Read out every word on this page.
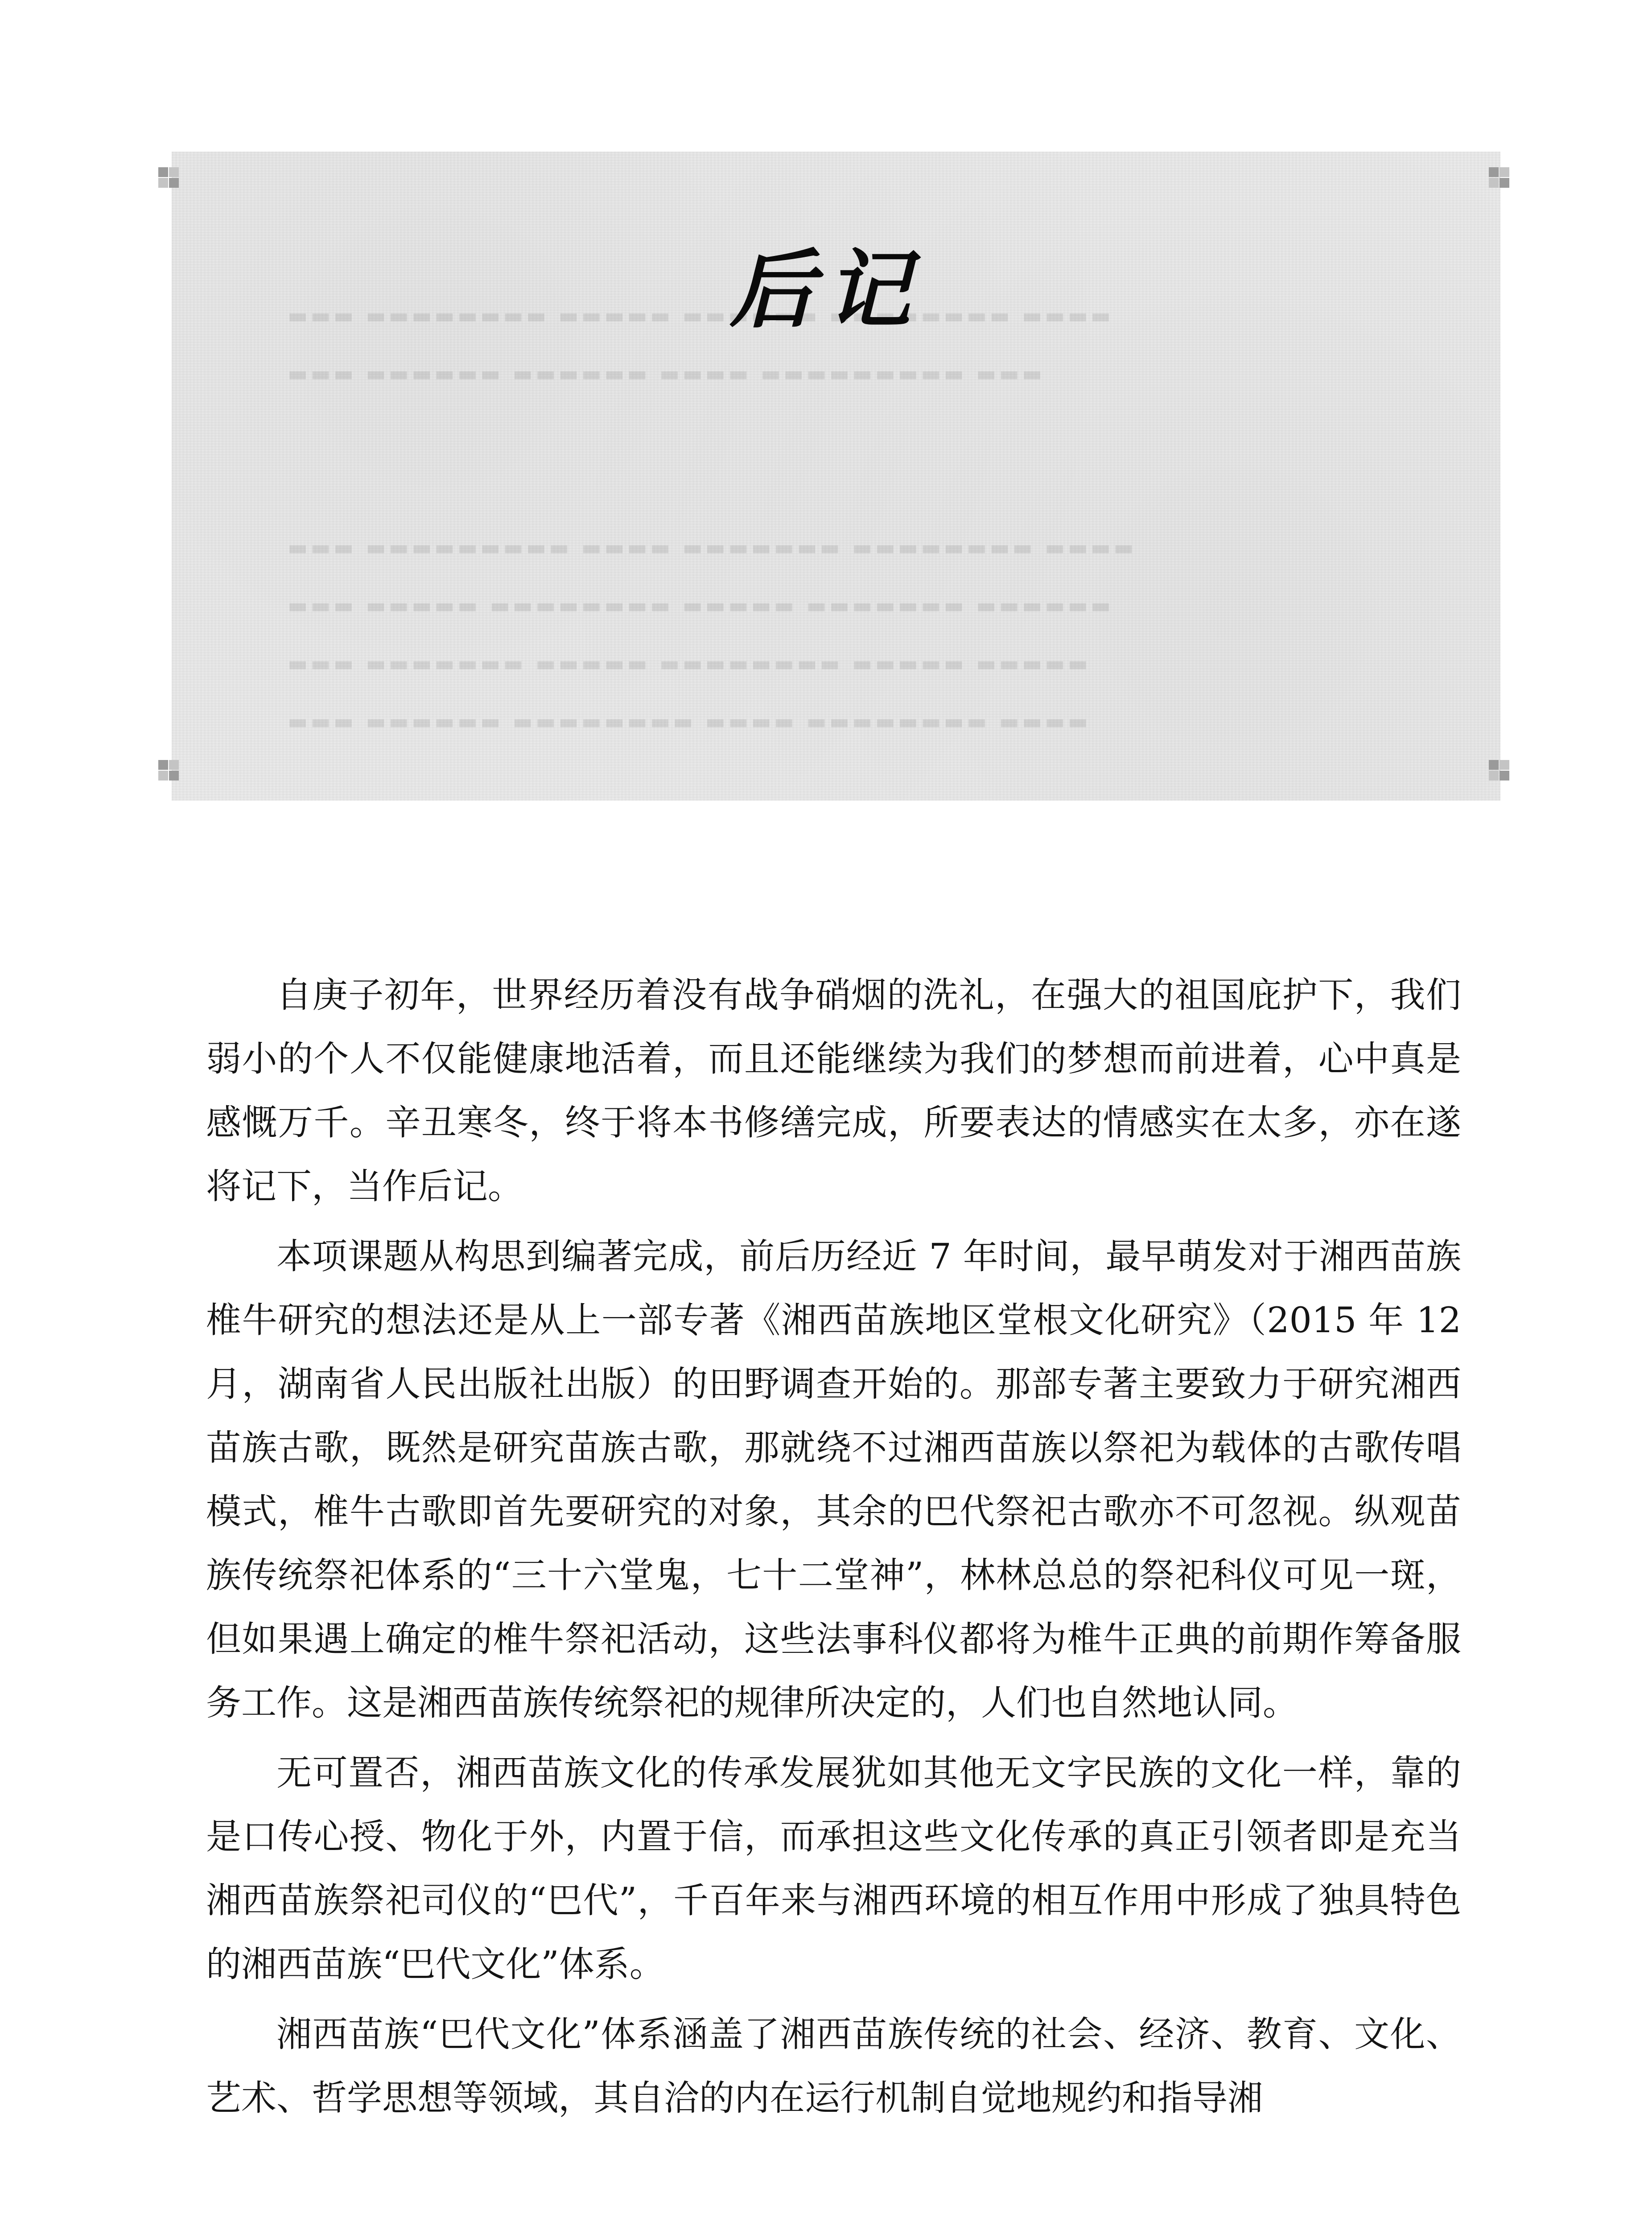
▬▬▬ ▬▬▬▬▬▬▬▬ ▬▬▬▬▬ ▬▬▬▬▬▬ ▬▬▬▬▬▬▬▬ ▬▬▬▬
▬▬▬ ▬▬▬▬▬▬ ▬▬▬▬▬▬ ▬▬▬▬ ▬▬▬▬▬▬▬▬▬ ▬▬▬
▬▬▬ ▬▬▬▬▬▬▬▬▬ ▬▬▬▬ ▬▬▬▬▬▬▬ ▬▬▬▬▬▬▬▬ ▬▬▬▬
▬▬▬ ▬▬▬▬▬ ▬▬▬▬▬▬▬▬ ▬▬▬▬▬ ▬▬▬▬▬▬▬ ▬▬▬▬▬▬
▬▬▬ ▬▬▬▬▬▬▬ ▬▬▬▬▬ ▬▬▬▬▬▬▬▬ ▬▬▬▬▬ ▬▬▬▬▬
▬▬▬ ▬▬▬▬▬▬ ▬▬▬▬▬▬▬▬ ▬▬▬▬ ▬▬▬▬▬▬▬▬ ▬▬▬▬
后记

自庚子初年，世界经历着没有战争硝烟的洗礼，在强大的祖国庇护下，我们弱小的个人不仅能健康地活着，而且还能继续为我们的梦想而前进着，心中真是感慨万千。辛丑寒冬，终于将本书修缮完成，所要表达的情感实在太多，亦在遂将记下，当作后记。

本项课题从构思到编著完成，前后历经近 7 年时间，最早萌发对于湘西苗族椎牛研究的想法还是从上一部专著《湘西苗族地区堂根文化研究》（2015 年 12 月，湖南省人民出版社出版）的田野调查开始的。那部专著主要致力于研究湘西苗族古歌，既然是研究苗族古歌，那就绕不过湘西苗族以祭祀为载体的古歌传唱模式，椎牛古歌即首先要研究的对象，其余的巴代祭祀古歌亦不可忽视。纵观苗族传统祭祀体系的“三十六堂鬼，七十二堂神”，林林总总的祭祀科仪可见一斑，但如果遇上确定的椎牛祭祀活动，这些法事科仪都将为椎牛正典的前期作筹备服务工作。这是湘西苗族传统祭祀的规律所决定的，人们也自然地认同。

无可置否，湘西苗族文化的传承发展犹如其他无文字民族的文化一样，靠的是口传心授、物化于外，内置于信，而承担这些文化传承的真正引领者即是充当湘西苗族祭祀司仪的“巴代”，千百年来与湘西环境的相互作用中形成了独具特色的湘西苗族“巴代文化”体系。

湘西苗族“巴代文化”体系涵盖了湘西苗族传统的社会、经济、教育、文化、艺术、哲学思想等领域，其自洽的内在运行机制自觉地规约和指导湘
